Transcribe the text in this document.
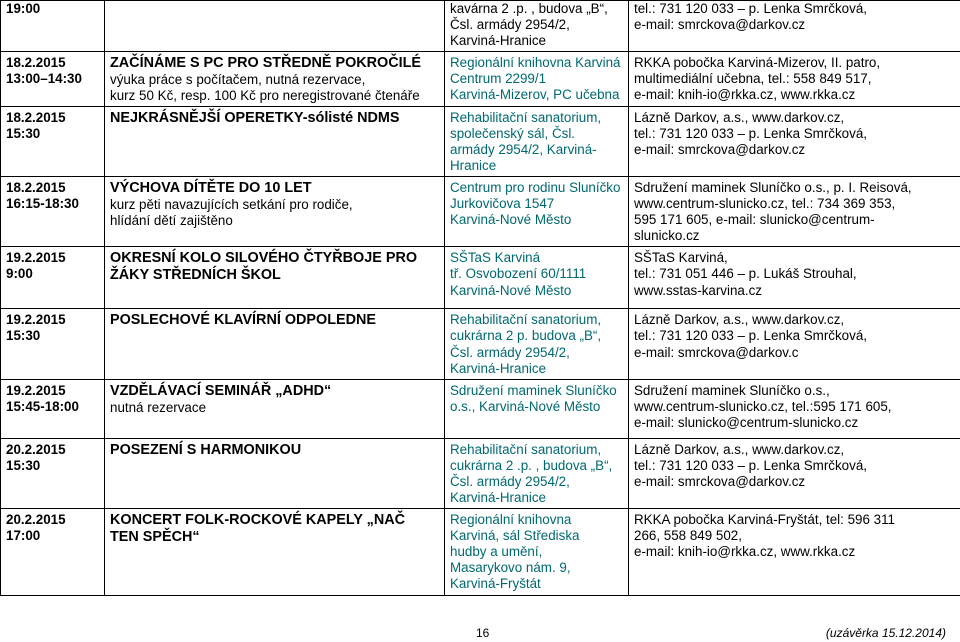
19:00		kavárna 2 .p. , budova „B“,
Čsl. armády 2954/2,
Karviná-Hranice	tel.: 731 120 033 – p. Lenka Smrčková,
e-mail: smrckova@darkov.cz

18.2.2015
13:00–14:30	ZAČÍNÁME S PC PRO STŘEDNĚ POKROČILÉ
výuka práce s počítačem, nutná rezervace,
kurz 50 Kč, resp. 100 Kč pro neregistrované čtenáře	Regionální knihovna Karviná
Centrum 2299/1
Karviná-Mizerov, PC učebna	RKKA pobočka Karviná-Mizerov, II. patro,
multimediální učebna, tel.: 558 849 517,
e-mail: knih-io@rkka.cz, www.rkka.cz

18.2.2015
15:30	NEJKRÁSNĚJŠÍ OPERETKY-sólisté NDMS	Rehabilitační sanatorium,
společenský sál, Čsl.
armády 2954/2, Karviná-
Hranice	Lázně Darkov, a.s., www.darkov.cz,
tel.: 731 120 033 – p. Lenka Smrčková,
e-mail: smrckova@darkov.cz

18.2.2015
16:15-18:30	VÝCHOVA DÍTĚTE DO 10 LET
kurz pěti navazujících setkání pro rodiče,
hlídání dětí zajištěno	Centrum pro rodinu Sluníčko
Jurkovičova 1547
Karviná-Nové Město	Sdružení maminek Sluníčko o.s., p. I. Reisová,
www.centrum-slunicko.cz, tel.: 734 369 353,
595 171 605, e-mail: slunicko@centrum-
slunicko.cz

19.2.2015
9:00	OKRESNÍ KOLO SILOVÉHO ČTYŘBOJE PRO
ŽÁKY STŘEDNÍCH ŠKOL	SŠTaS Karviná
tř. Osvobození 60/1111
Karviná-Nové Město	SŠTaS Karviná,
tel.: 731 051 446 – p. Lukáš Strouhal,
www.sstas-karvina.cz

19.2.2015
15:30	POSLECHOVÉ KLAVÍRNÍ ODPOLEDNE	Rehabilitační sanatorium,
cukrárna 2 p. budova „B“,
Čsl. armády 2954/2,
Karviná-Hranice	Lázně Darkov, a.s., www.darkov.cz,
tel.: 731 120 033 – p. Lenka Smrčková,
e-mail: smrckova@darkov.c

19.2.2015
15:45-18:00	VZDĚLÁVACÍ SEMINÁŘ „ADHD“
nutná rezervace	Sdružení maminek Sluníčko
o.s., Karviná-Nové Město	Sdružení maminek Sluníčko o.s.,
www.centrum-slunicko.cz, tel.:595 171 605,
e-mail: slunicko@centrum-slunicko.cz

20.2.2015
15:30	POSEZENÍ S HARMONIKOU	Rehabilitační sanatorium,
cukrárna 2 .p. , budova „B“,
Čsl. armády 2954/2,
Karviná-Hranice	Lázně Darkov, a.s., www.darkov.cz,
tel.: 731 120 033 – p. Lenka Smrčková,
e-mail: smrckova@darkov.cz

20.2.2015
17:00	KONCERT FOLK-ROCKOVÉ KAPELY „NAČ
TEN SPĚCH“	Regionální knihovna
Karviná, sál Střediska
hudby a umění,
Masarykovo nám. 9,
Karviná-Fryštát	RKKA pobočka Karviná-Fryštát, tel: 596 311
266, 558 849 502,
e-mail: knih-io@rkka.cz, www.rkka.cz
16	(uzávěrka 15.12.2014)
